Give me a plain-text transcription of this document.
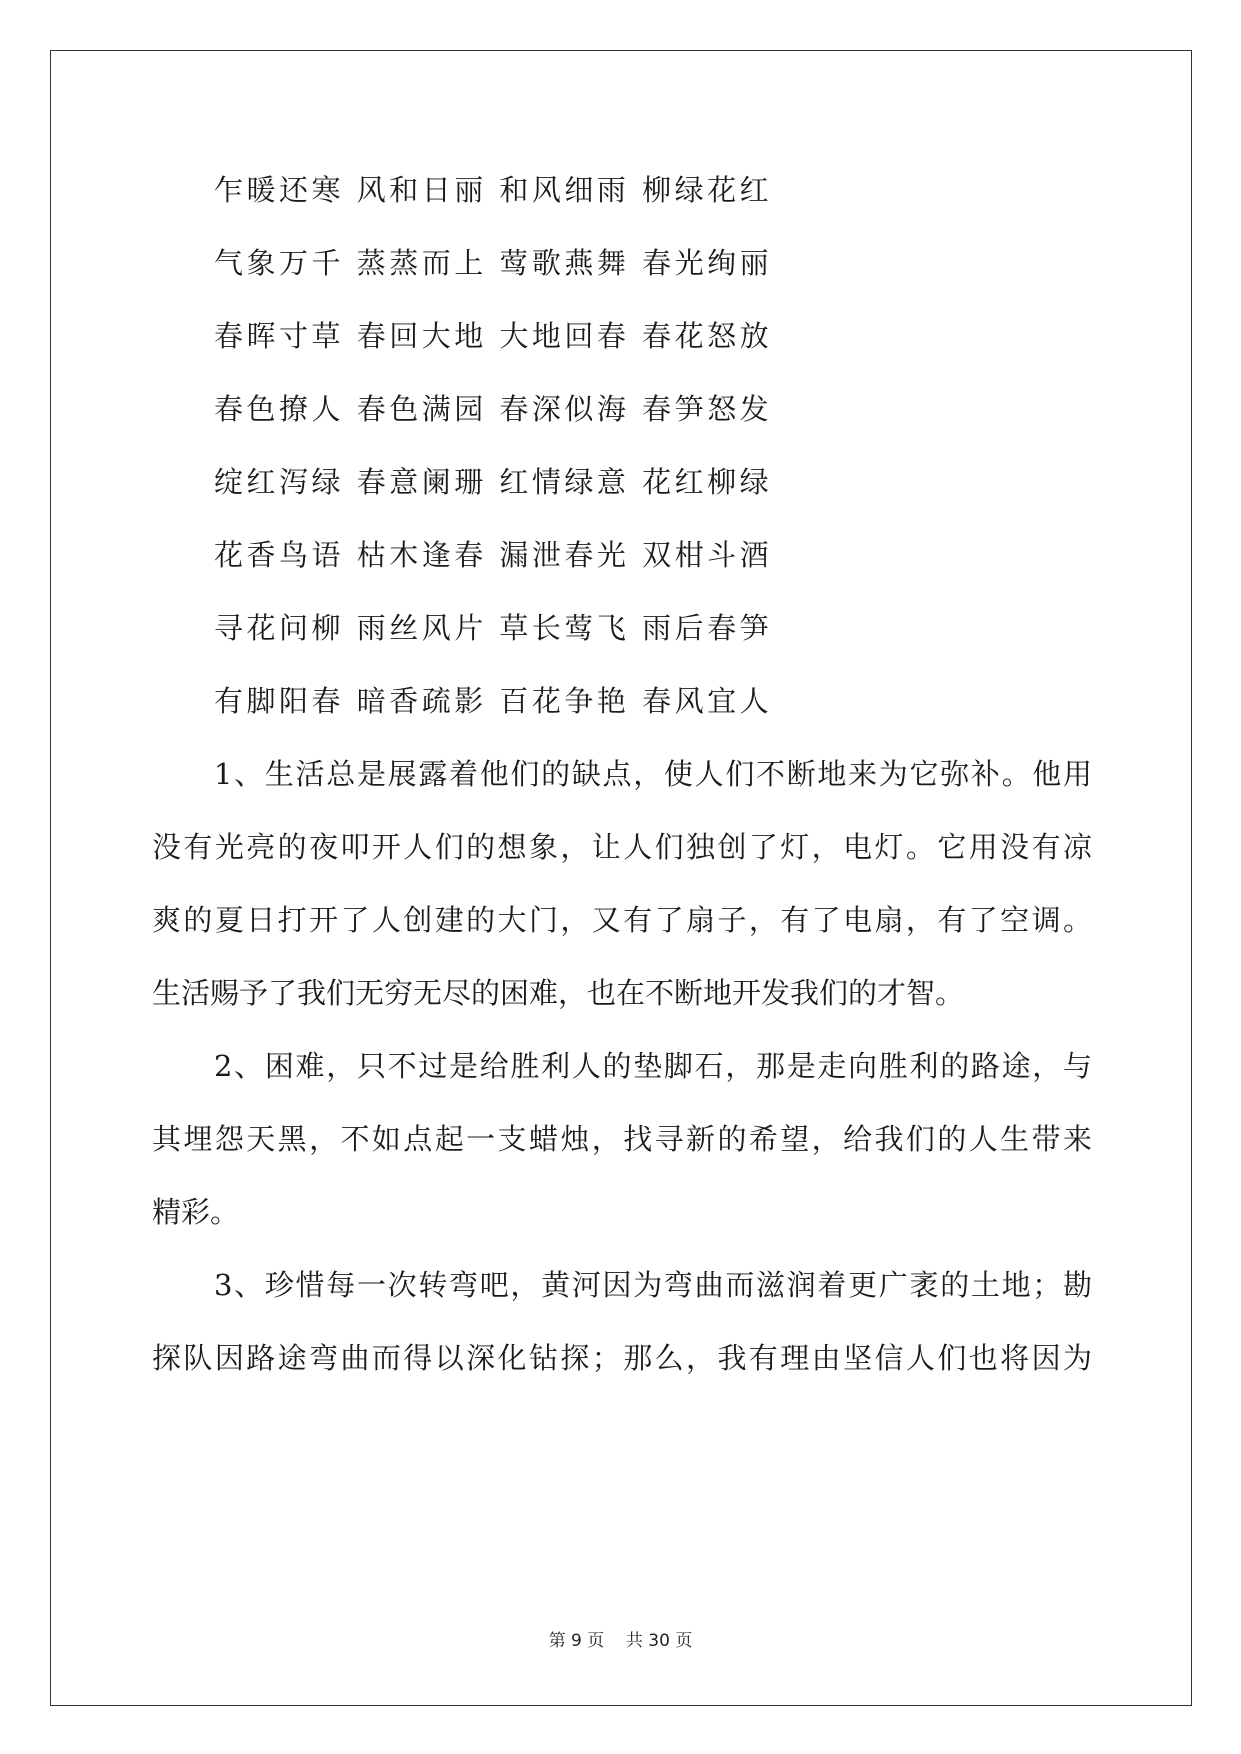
乍暖还寒 风和日丽 和风细雨 柳绿花红
气象万千 蒸蒸而上 莺歌燕舞 春光绚丽
春晖寸草 春回大地 大地回春 春花怒放
春色撩人 春色满园 春深似海 春笋怒发
绽红泻绿 春意阑珊 红情绿意 花红柳绿
花香鸟语 枯木逢春 漏泄春光 双柑斗酒
寻花问柳 雨丝风片 草长莺飞 雨后春笋
有脚阳春 暗香疏影 百花争艳 春风宜人
1、生活总是展露着他们的缺点，使人们不断地来为它弥补。他用
没有光亮的夜叩开人们的想象，让人们独创了灯，电灯。它用没有凉
爽的夏日打开了人创建的大门，又有了扇子，有了电扇，有了空调。
生活赐予了我们无穷无尽的困难，也在不断地开发我们的才智。
2、困难，只不过是给胜利人的垫脚石，那是走向胜利的路途，与
其埋怨天黑，不如点起一支蜡烛，找寻新的希望，给我们的人生带来
精彩。
3、珍惜每一次转弯吧，黄河因为弯曲而滋润着更广袤的土地；勘
探队因路途弯曲而得以深化钻探；那么，我有理由坚信人们也将因为
第 9 页    共 30 页
